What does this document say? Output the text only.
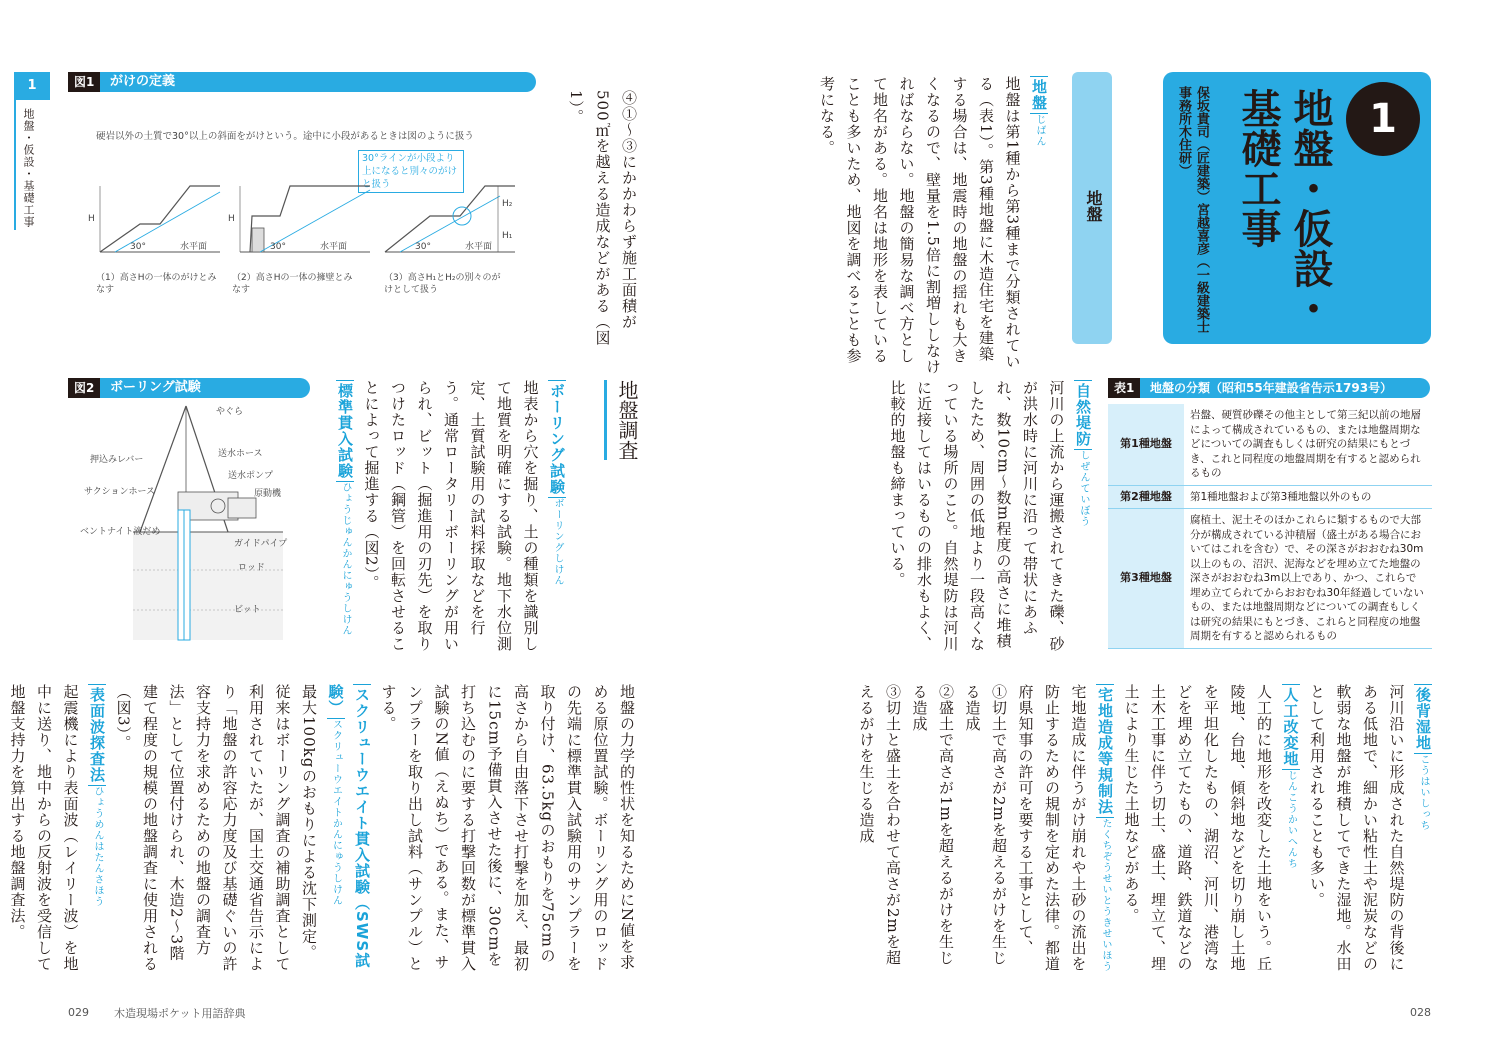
1
地盤・仮設・基礎工事
図1	がけの定義
硬岩以外の土質で30°以上の斜面をがけという。途中に小段があるときは図のように扱う
30°ラインが小段より上になると別々のがけと扱う
H
30°	水平面
H
30°	水平面
H₂
H₁
30°	水平面
（1）高さHの一体のがけとみなす
（2）高さHの一体の擁壁とみなす
（3）高さH₁とH₂の別々のがけとして扱う
図2	ボーリング試験
やぐら
押込みレバー
送水ホース
送水ポンプ
サクションホース	原動機
ベントナイト液だめ
ガイドパイプ
ロッド
ビット
④①～③にかかわらず施工面積が500㎡を越える造成などがある（図1）。
地盤調査

ボーリング試験ボーリングしけん

地表から穴を掘り、土の種類を識別して地質を明確にする試験。地下水位測定、土質試験用の試料採取などを行う。通常ロータリーボーリングが用いられ、ビット（掘進用の刃先）を取りつけたロッド（鋼管）を回転させることによって掘進する（図2）。

標準貫入試験ひょうじゅんかんにゅうしけん

地盤の力学的性状を知るためにN値を求める原位置試験。ボーリング用のロッドの先端に標準貫入試験用のサンプラーを取り付け、63.5kgのおもりを75cmの高さから自由落下させ打撃を加え、最初に15cm予備貫入させた後に、30cmを打ち込むのに要する打撃回数が標準貫入試験のN値（えぬち）である。また、サンプラーを取り出し試料（サンプル）とする。

スクリューウエイト貫入試験（SWS試験）スクリューウエイトかんにゅうしけん

最大100kgのおもりによる沈下測定。従来はボーリング調査の補助調査として利用されていたが、国土交通省告示により「地盤の許容応力度及び基礎ぐいの許容支持力を求めるための地盤の調査方法」として位置付けられ、木造2～3階建て程度の規模の地盤調査に使用される（図3）。

表面波探査法ひょうめんはたんさほう

起震機により表面波（レイリー波）を地中に送り、地中からの反射波を受信して地盤支持力を算出する地盤調査法。

029 木造現場ポケット用語辞典
1
地盤・仮設・基礎工事
保坂貴司（匠建築）宮越喜彦（一級建築士事務所木住研）
地盤

地盤じばん

地盤は第1種から第3種まで分類されている（表1）。第3種地盤に木造住宅を建築する場合は、地震時の地盤の揺れも大きくなるので、壁量を1.5倍に割増ししなければならない。地盤の簡易な調べ方として地名がある。地名は地形を表していることも多いため、地図を調べることも参考になる。

自然堤防しぜんていぼう

河川の上流から運搬されてきた礫、砂が洪水時に河川に沿って帯状にあふれ、数10cm～数m程度の高さに堆積したため、周囲の低地より一段高くなっている場所のこと。自然堤防は河川に近接してはいるものの排水もよく、比較的地盤も締まっている。	表1	地盤の分類（昭和55年建設省告示1793号）
第1種地盤	岩盤、硬質砂礫その他主として第三紀以前の地層によって構成されているもの、または地盤周期などについての調査もしくは研究の結果にもとづき、これと同程度の地盤周期を有すると認められるもの
第2種地盤	第1種地盤および第3種地盤以外のもの
第3種地盤	腐植土、泥土そのほかこれらに類するもので大部分が構成されている沖積層（盛土がある場合においてはこれを含む）で、その深さがおおむね30m以上のもの、沼沢、泥海などを埋め立てた地盤の深さがおおむね3m以上であり、かつ、これらで埋め立てられてからおおむね30年経過していないもの、または地盤周期などについての調査もしくは研究の結果にもとづき、これらと同程度の地盤周期を有すると認められるもの

後背湿地こうはいしっち

河川沿いに形成された自然堤防の背後にある低地で、細かい粘性土や泥炭などの軟弱な地盤が堆積してできた湿地。水田として利用されることも多い。

人工改変地じんこうかいへんち

人工的に地形を改変した土地をいう。丘陵地、台地、傾斜地などを切り崩し土地を平坦化したもの、湖沼、河川、港湾などを埋め立てたもの、道路、鉄道などの土木工事に伴う切土、盛土、埋立て、埋土により生じた土地などがある。

宅地造成等規制法たくちぞうせいとうきせいほう

宅地造成に伴うがけ崩れや土砂の流出を防止するための規制を定めた法律。都道府県知事の許可を要する工事として、

①切土で高さが2mを超えるがけを生じる造成

②盛土で高さが1mを超えるがけを生じる造成

③切土と盛土を合わせて高さが2mを超えるがけを生じる造成

028
